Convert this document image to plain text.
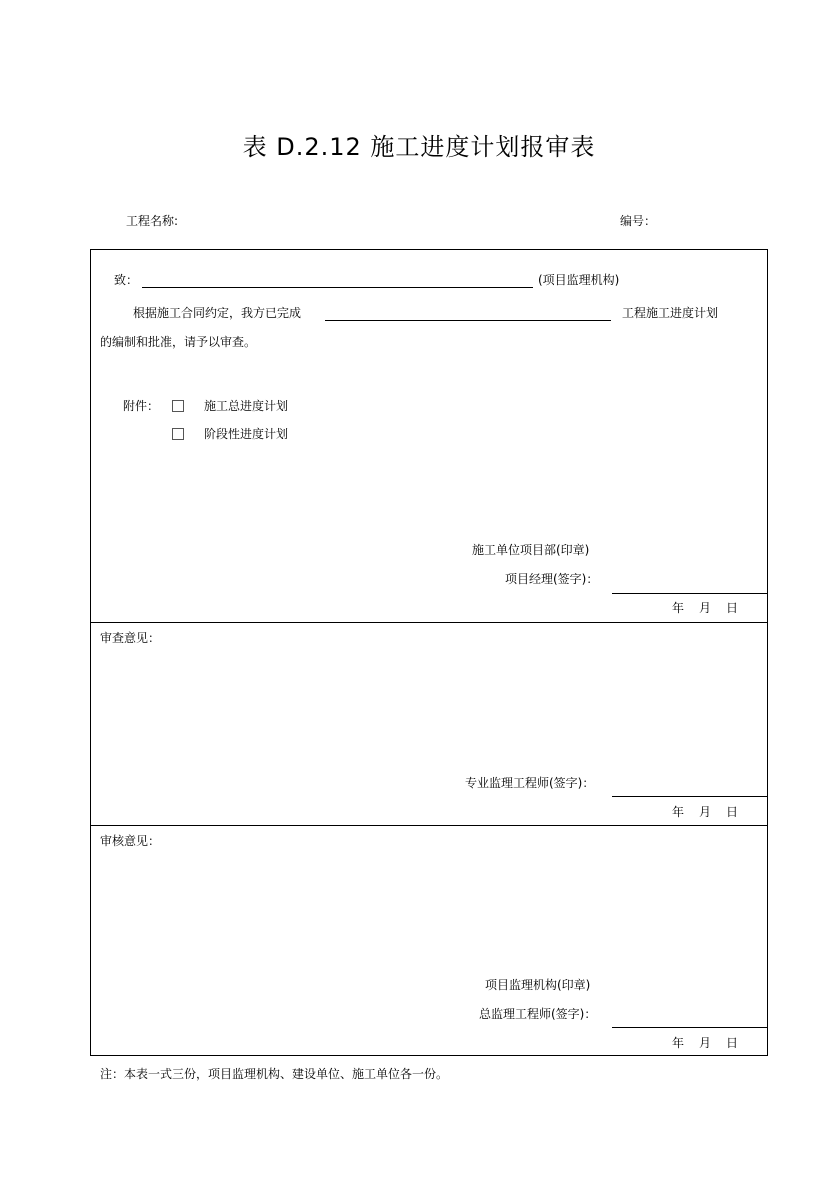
表 D.2.12 施工进度计划报审表
工程名称:	编号：
致：	(项目监理机构)
根据施工合同约定，我方已完成	工程施工进度计划
的编制和批准，请予以审查。
附件：	施工总进度计划
阶段性进度计划
施工单位项目部(印章)
项目经理(签字)：
年 月 日
审查意见：
专业监理工程师(签字)：
年 月 日
审核意见：
项目监理机构(印章)
总监理工程师(签字)：
年 月 日
注：本表一式三份，项目监理机构、建设单位、施工单位各一份。
